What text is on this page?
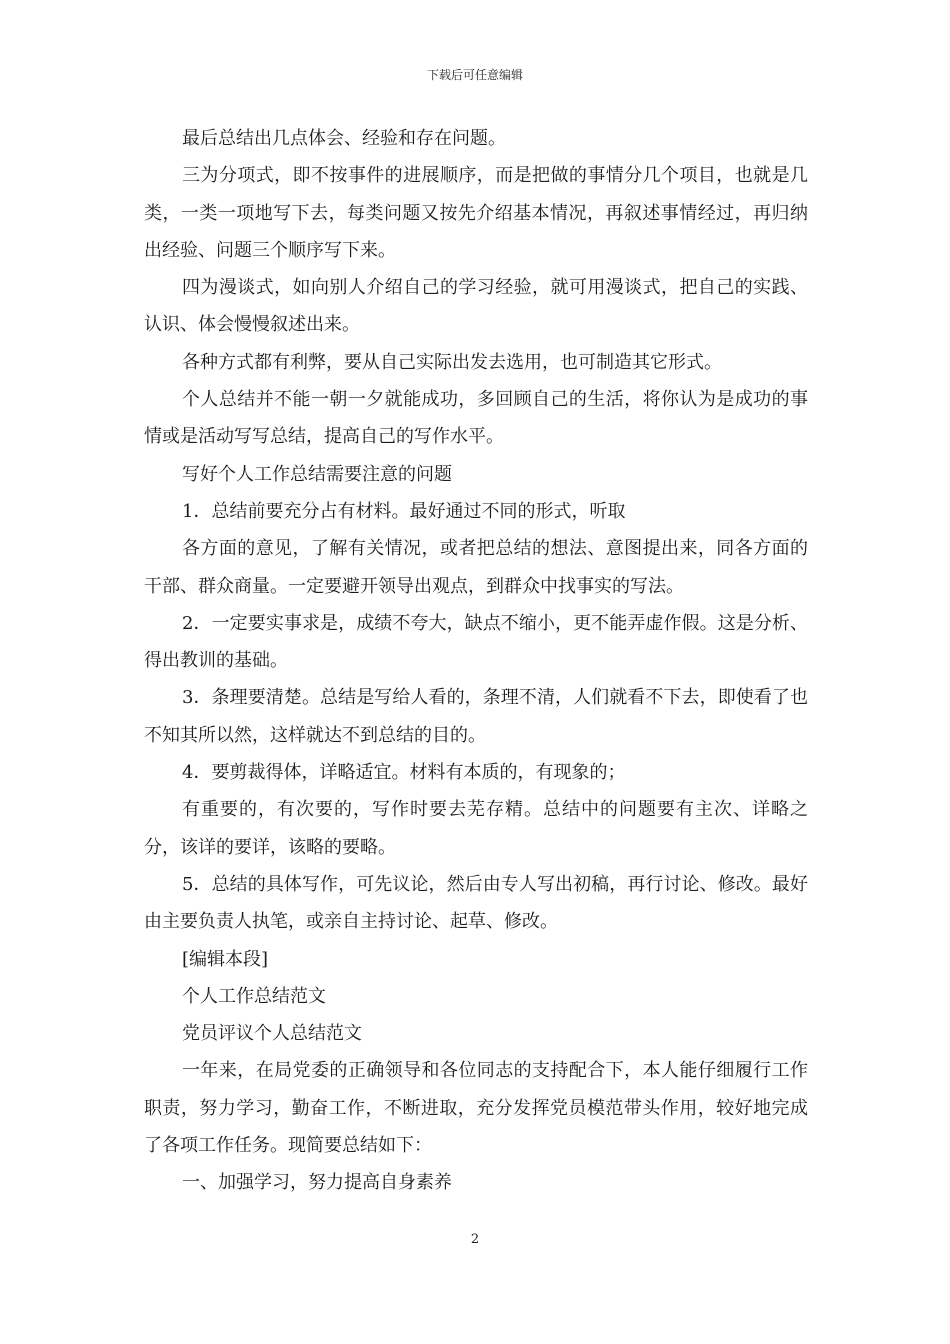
下载后可任意编辑

最后总结出几点体会、经验和存在问题。

三为分项式，即不按事件的进展顺序，而是把做的事情分几个项目，也就是几类，一类一项地写下去，每类问题又按先介绍基本情况，再叙述事情经过，再归纳出经验、问题三个顺序写下来。

四为漫谈式，如向别人介绍自己的学习经验，就可用漫谈式，把自己的实践、认识、体会慢慢叙述出来。

各种方式都有利弊，要从自己实际出发去选用，也可制造其它形式。

个人总结并不能一朝一夕就能成功，多回顾自己的生活，将你认为是成功的事情或是活动写写总结，提高自己的写作水平。

写好个人工作总结需要注意的问题

1．总结前要充分占有材料。最好通过不同的形式，听取

各方面的意见，了解有关情况，或者把总结的想法、意图提出来，同各方面的干部、群众商量。一定要避开领导出观点，到群众中找事实的写法。

2．一定要实事求是，成绩不夸大，缺点不缩小，更不能弄虚作假。这是分析、得出教训的基础。

3．条理要清楚。总结是写给人看的，条理不清，人们就看不下去，即使看了也不知其所以然，这样就达不到总结的目的。

4．要剪裁得体，详略适宜。材料有本质的，有现象的；

有重要的，有次要的，写作时要去芜存精。总结中的问题要有主次、详略之分，该详的要详，该略的要略。

5．总结的具体写作，可先议论，然后由专人写出初稿，再行讨论、修改。最好由主要负责人执笔，或亲自主持讨论、起草、修改。

[编辑本段]

个人工作总结范文

党员评议个人总结范文

一年来，在局党委的正确领导和各位同志的支持配合下，本人能仔细履行工作职责，努力学习，勤奋工作，不断进取，充分发挥党员模范带头作用，较好地完成了各项工作任务。现简要总结如下：

一、加强学习，努力提高自身素养

2
